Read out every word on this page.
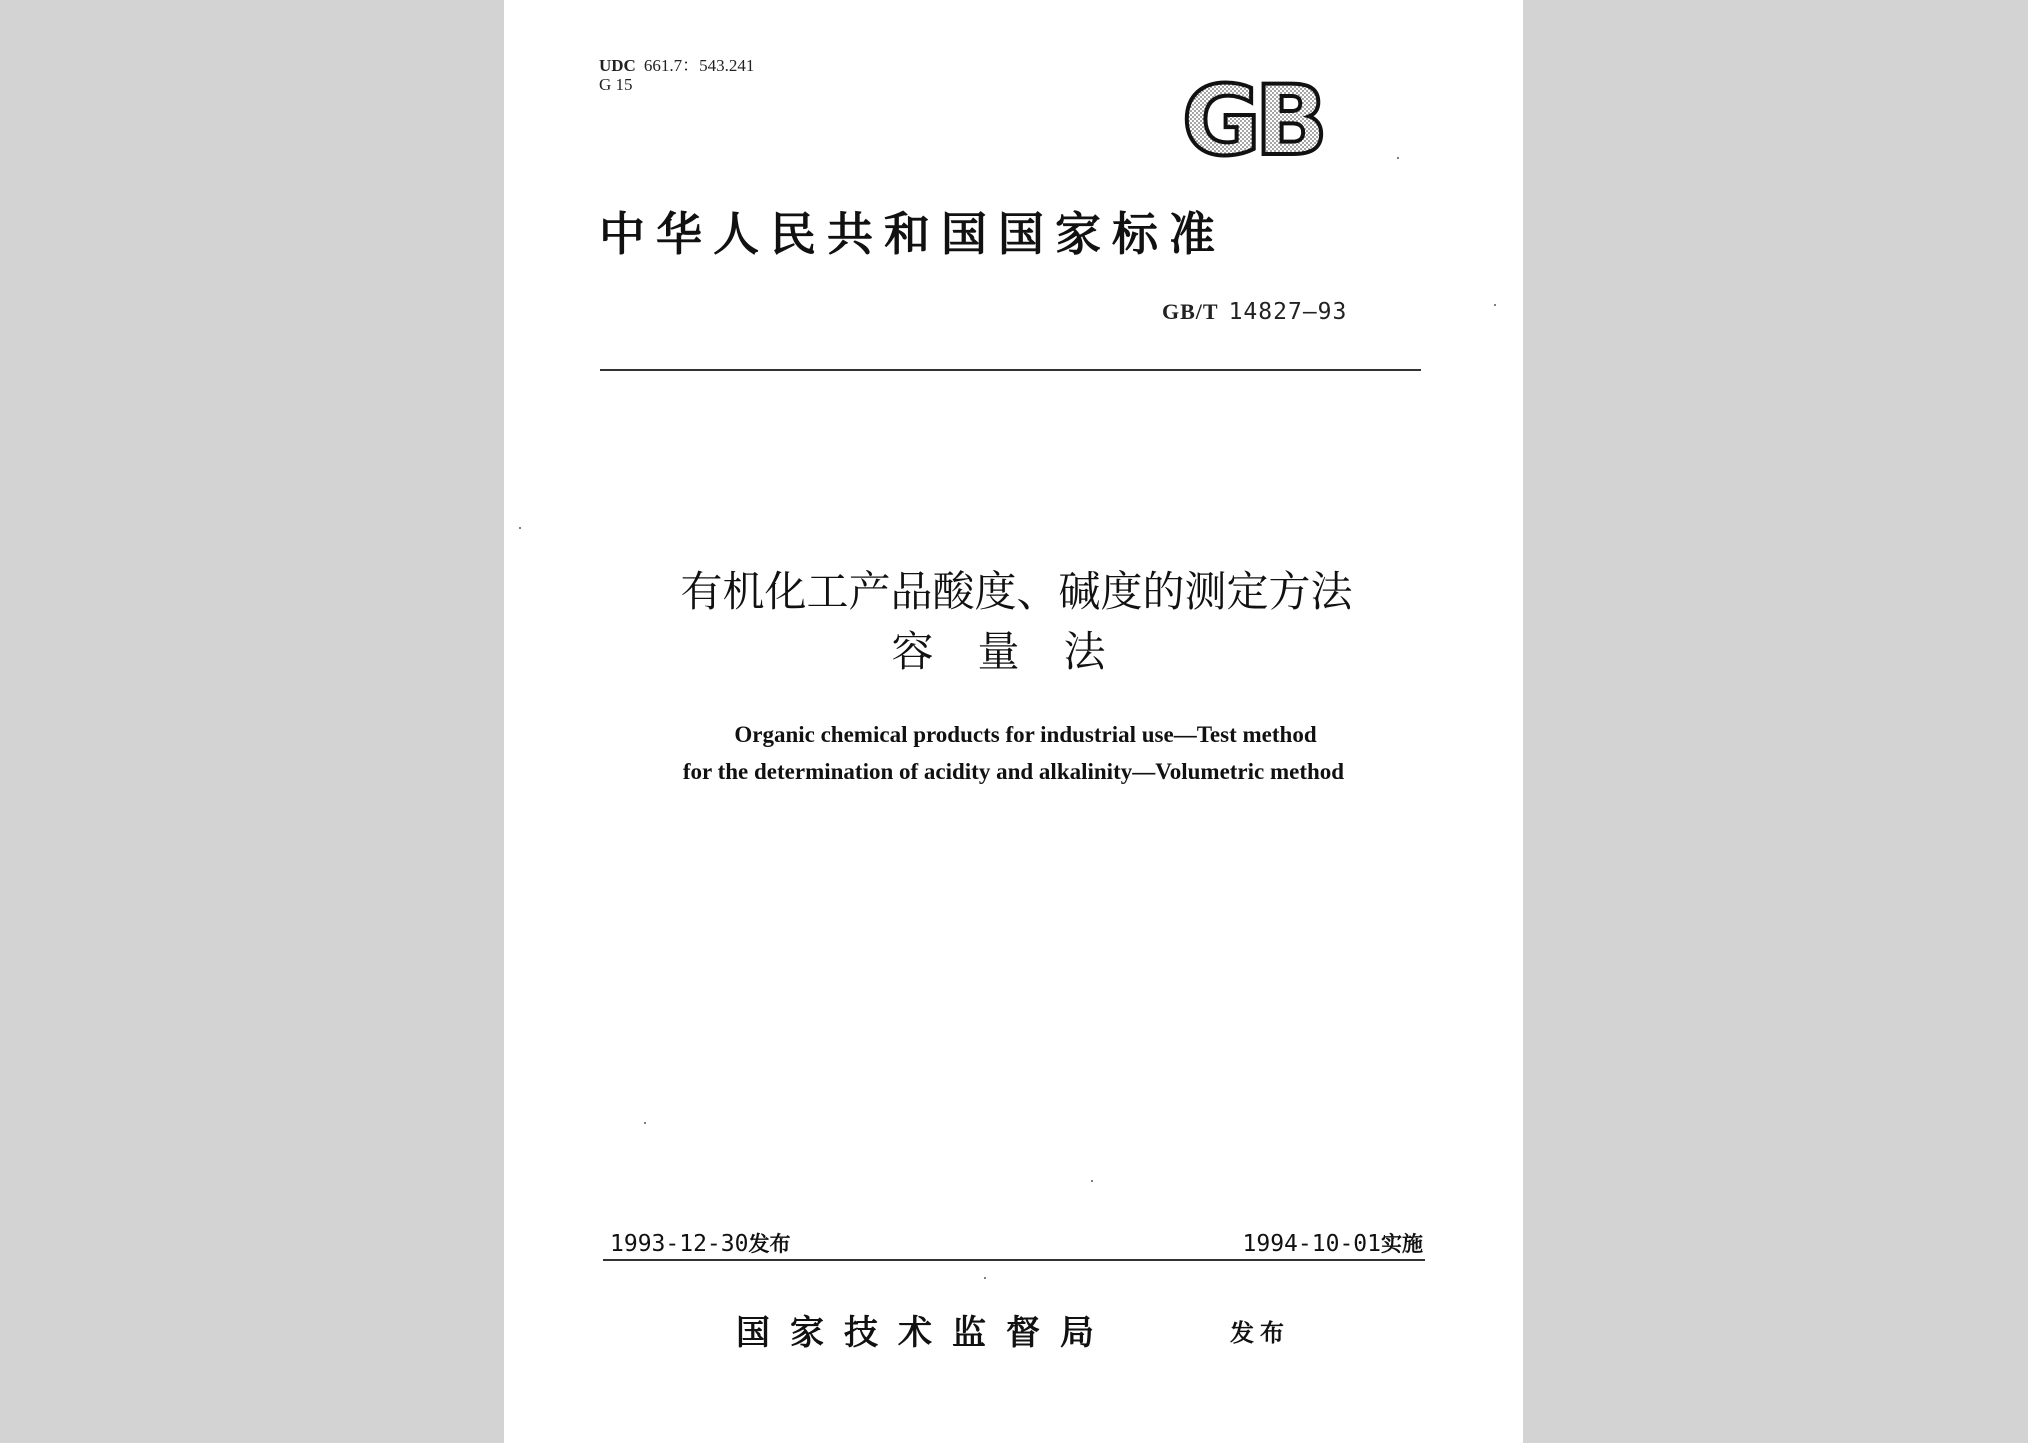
UDC 661.7：543.241
G 15	GB
中华人民共和国国家标准
GB/T 14827—93
有机化工产品酸度、碱度的测定方法
容量法
Organic chemical products for industrial use—Test method
for the determination of acidity and alkalinity—Volumetric method
1993-12-30发布	1994-10-01实施
国家技术监督局	发布
